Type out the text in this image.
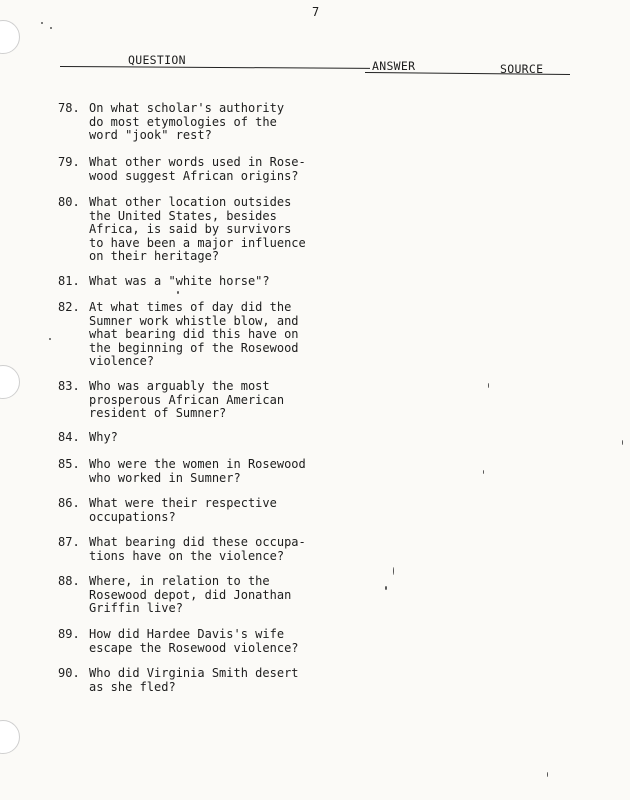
7
QUESTION	ANSWER	SOURCE
78. On what scholar's authority
do most etymologies of the
word "jook" rest?
79. What other words used in Rose-
wood suggest African origins?
80. What other location outsides
the United States, besides
Africa, is said by survivors
to have been a major influence
on their heritage?
81. What was a "white horse"?
82. At what times of day did the
Sumner work whistle blow, and
what bearing did this have on
the beginning of the Rosewood
violence?
83. Who was arguably the most
prosperous African American
resident of Sumner?
84. Why?
85. Who were the women in Rosewood
who worked in Sumner?
86. What were their respective
occupations?
87. What bearing did these occupa-
tions have on the violence?
88. Where, in relation to the
Rosewood depot, did Jonathan
Griffin live?
89. How did Hardee Davis's wife
escape the Rosewood violence?
90. Who did Virginia Smith desert
as she fled?
